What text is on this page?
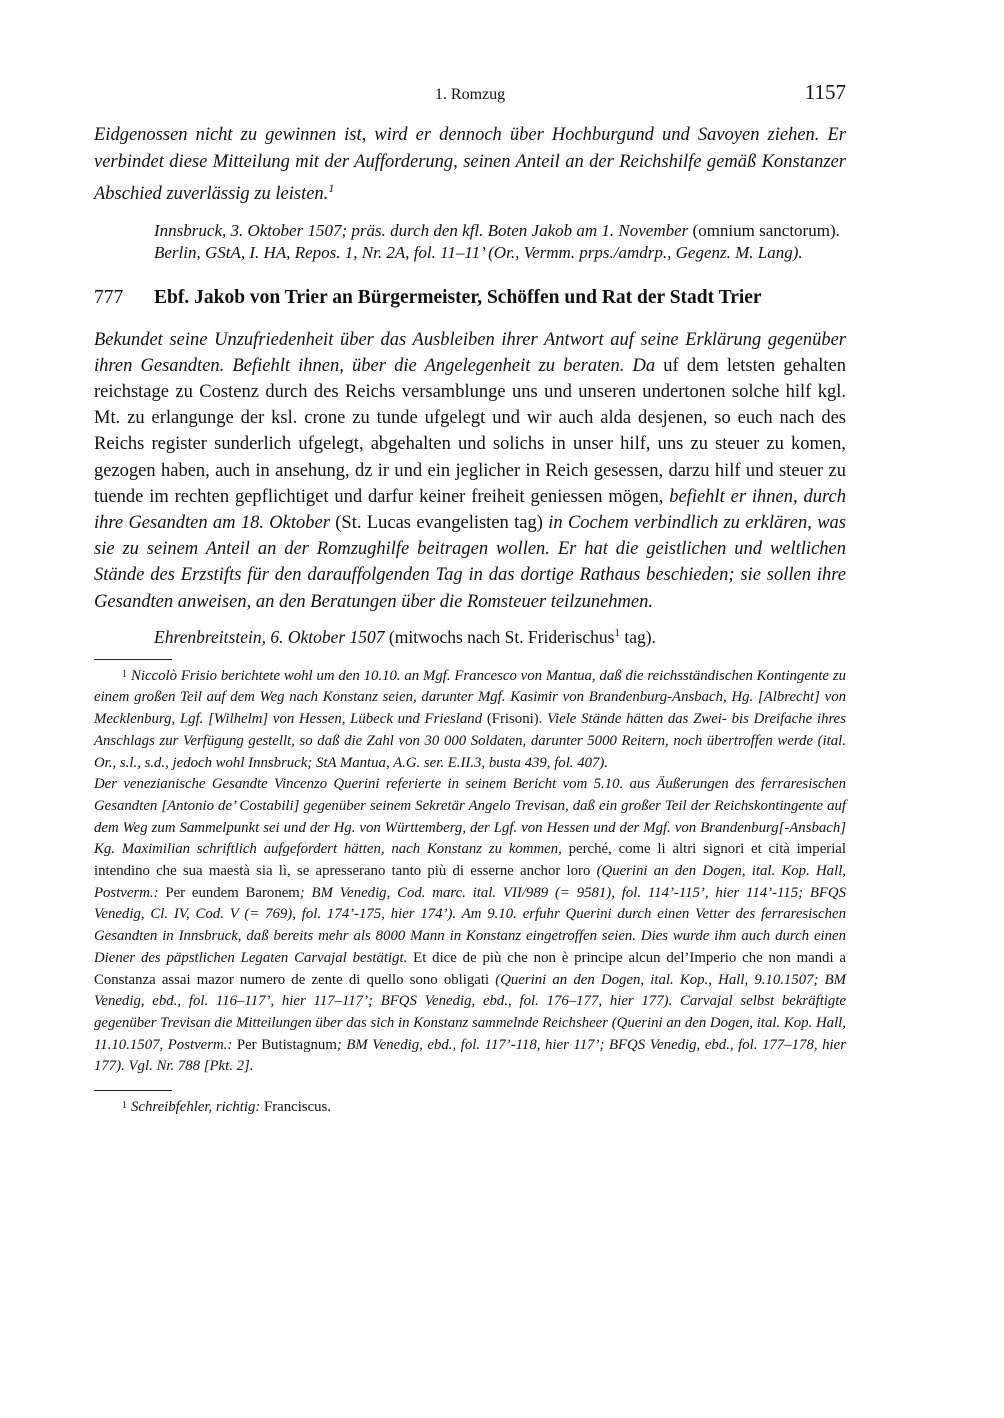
1. Romzug	1157

Eidgenossen nicht zu gewinnen ist, wird er dennoch über Hochburgund und Savoyen ziehen. Er verbindet diese Mitteilung mit der Aufforderung, seinen Anteil an der Reichshilfe gemäß Konstanzer Abschied zuverlässig zu leisten.$^1$

Innsbruck, 3. Oktober 1507; präs. durch den kfl. Boten Jakob am 1. November (omnium sanctorum).

Berlin, GStA, I. HA, Repos. 1, Nr. 2A, fol. 11–11’ (Or., Vermm. prps./amdrp., Gegenz. M. Lang).

777	Ebf. Jakob von Trier an Bürgermeister, Schöffen und Rat der Stadt Trier

Bekundet seine Unzufriedenheit über das Ausbleiben ihrer Antwort auf seine Erklärung gegenüber ihren Gesandten. Befiehlt ihnen, über die Angelegenheit zu beraten. Da uf dem letsten gehalten reichstage zu Costenz durch des Reichs versamblunge uns und unseren undertonen solche hilf kgl. Mt. zu erlangunge der ksl. crone zu tunde ufgelegt und wir auch alda desjenen, so euch nach des Reichs register sunderlich ufgelegt, abgehalten und solichs in unser hilf, uns zu steuer zu komen, gezogen haben, auch in ansehung, dz ir und ein jeglicher in Reich gesessen, darzu hilf und steuer zu tuende im rechten gepflichtiget und darfur keiner freiheit geniessen mögen, befiehlt er ihnen, durch ihre Gesandten am 18. Oktober (St. Lucas evangelisten tag) in Cochem verbindlich zu erklären, was sie zu seinem Anteil an der Romzughilfe beitragen wollen. Er hat die geistlichen und weltlichen Stände des Erzstifts für den darauffolgenden Tag in das dortige Rathaus beschieden; sie sollen ihre Gesandten anweisen, an den Beratungen über die Romsteuer teilzunehmen.

Ehrenbreitstein, 6. Oktober 1507 (mitwochs nach St. Friderischus$^1$ tag).

$^1$ Niccolò Frisio berichtete wohl um den 10.10. an Mgf. Francesco von Mantua, daß die reichsständischen Kontingente zu einem großen Teil auf dem Weg nach Konstanz seien, darunter Mgf. Kasimir von Brandenburg-Ansbach, Hg. [Albrecht] von Mecklenburg, Lgf. [Wilhelm] von Hessen, Lübeck und Friesland (Frisoni). Viele Stände hätten das Zwei- bis Dreifache ihres Anschlags zur Verfügung gestellt, so daß die Zahl von 30 000 Soldaten, darunter 5000 Reitern, noch übertroffen werde (ital. Or., s.l., s.d., jedoch wohl Innsbruck; StA Mantua, A.G. ser. E.II.3, busta 439, fol. 407).

Der venezianische Gesandte Vincenzo Querini referierte in seinem Bericht vom 5.10. aus Äußerungen des ferraresischen Gesandten [Antonio de’ Costabili] gegenüber seinem Sekretär Angelo Trevisan, daß ein großer Teil der Reichskontingente auf dem Weg zum Sammelpunkt sei und der Hg. von Württemberg, der Lgf. von Hessen und der Mgf. von Brandenburg[-Ansbach] Kg. Maximilian schriftlich aufgefordert hätten, nach Konstanz zu kommen, perché, come li altri signori et cità imperial intendino che sua maestà sia lì, se apresserano tanto più di esserne anchor loro (Querini an den Dogen, ital. Kop. Hall, Postverm.: Per eundem Baronem; BM Venedig, Cod. marc. ital. VII/989 (= 9581), fol. 114’-115’, hier 114’-115; BFQS Venedig, Cl. IV, Cod. V (= 769), fol. 174’-175, hier 174’). Am 9.10. erfuhr Querini durch einen Vetter des ferraresischen Gesandten in Innsbruck, daß bereits mehr als 8000 Mann in Konstanz eingetroffen seien. Dies wurde ihm auch durch einen Diener des päpstlichen Legaten Carvajal bestätigt. Et dice de più che non è principe alcun del’Imperio che non mandi a Constanza assai mazor numero de zente di quello sono obligati (Querini an den Dogen, ital. Kop., Hall, 9.10.1507; BM Venedig, ebd., fol. 116–117’, hier 117–117’; BFQS Venedig, ebd., fol. 176–177, hier 177). Carvajal selbst bekräftigte gegenüber Trevisan die Mitteilungen über das sich in Konstanz sammelnde Reichsheer (Querini an den Dogen, ital. Kop. Hall, 11.10.1507, Postverm.: Per Butistagnum; BM Venedig, ebd., fol. 117’-118, hier 117’; BFQS Venedig, ebd., fol. 177–178, hier 177). Vgl. Nr. 788 [Pkt. 2].

$^1$ Schreibfehler, richtig: Franciscus.
